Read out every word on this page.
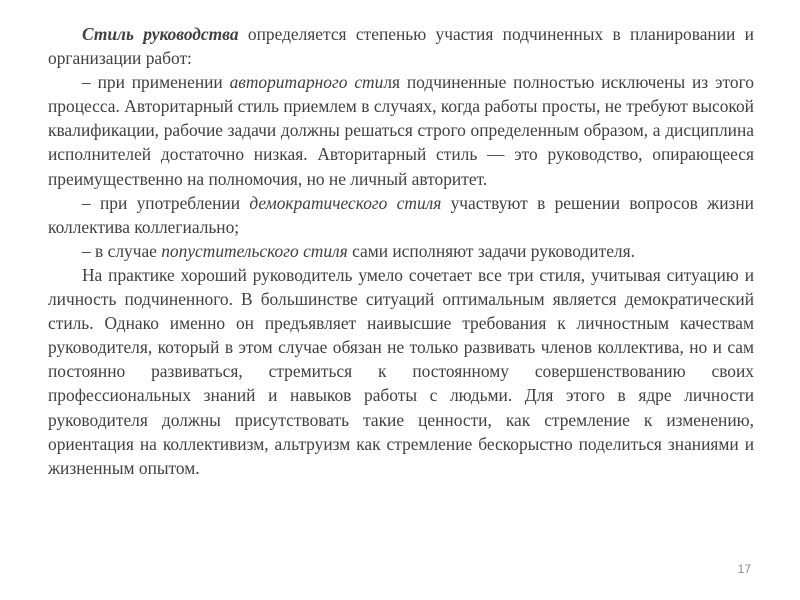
Стиль руководства определяется степенью участия подчиненных в планировании и организации работ:

– при применении авторитарного стиля подчиненные полностью исключены из этого процесса. Авторитарный стиль приемлем в случаях, когда работы просты, не требуют высокой квалификации, рабочие задачи должны решаться строго определенным образом, а дисциплина исполнителей достаточно низкая. Авторитарный стиль — это руководство, опирающееся преимущественно на полномочия, но не личный авторитет.

– при употреблении демократического стиля участвуют в решении вопросов жизни коллектива коллегиально;

– в случае попустительского стиля сами исполняют задачи руководителя.

На практике хороший руководитель умело сочетает все три стиля, учитывая ситуацию и личность подчиненного. В большинстве ситуаций оптимальным является демократический стиль. Однако именно он предъявляет наивысшие требования к личностным качествам руководителя, который в этом случае обязан не только развивать членов коллектива, но и сам постоянно развиваться, стремиться к постоянному совершенствованию своих профессиональных знаний и навыков работы с людьми. Для этого в ядре личности руководителя должны присутствовать такие ценности, как стремление к изменению, ориентация на коллективизм, альтруизм как стремление бескорыстно поделиться знаниями и жизненным опытом.

17
